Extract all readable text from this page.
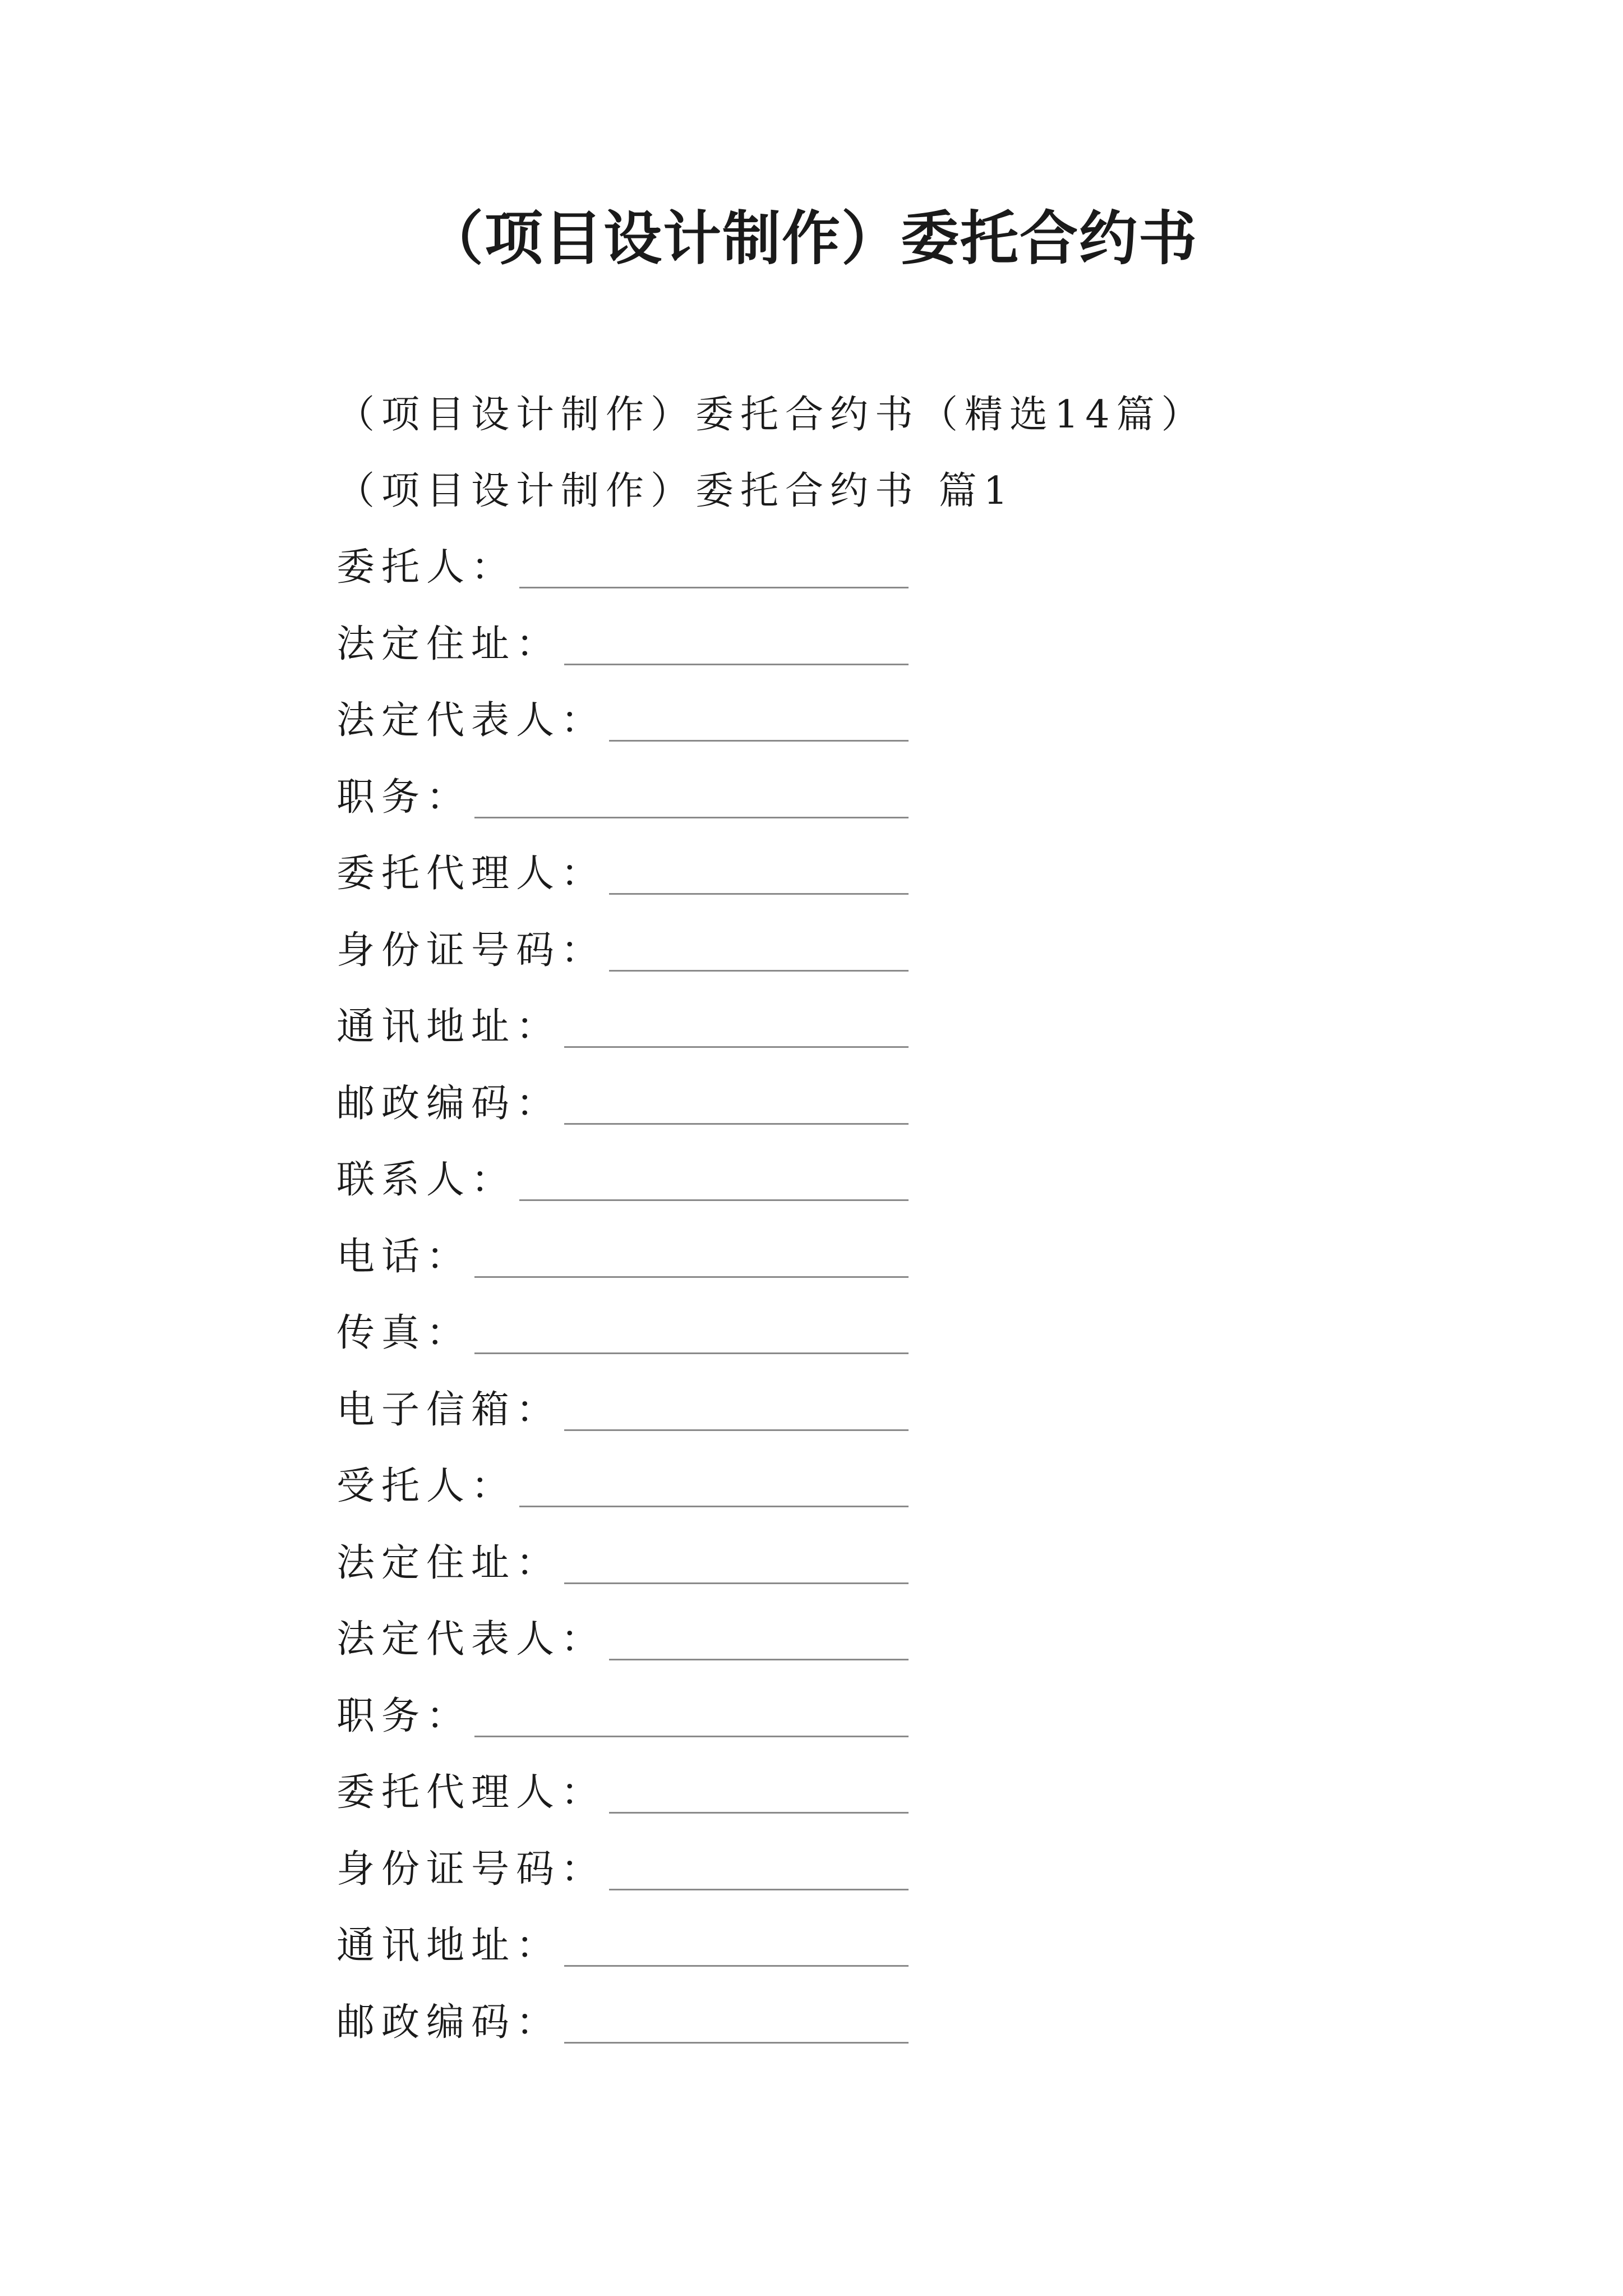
（项目设计制作）委托合约书
（项目设计制作）委托合约书（精选14篇）
（项目设计制作）委托合约书 篇1
委托人：
法定住址：
法定代表人：
职务：
委托代理人：
身份证号码：
通讯地址：
邮政编码：
联系人：
电话：
传真：
电子信箱：
受托人：
法定住址：
法定代表人：
职务：
委托代理人：
身份证号码：
通讯地址：
邮政编码：
